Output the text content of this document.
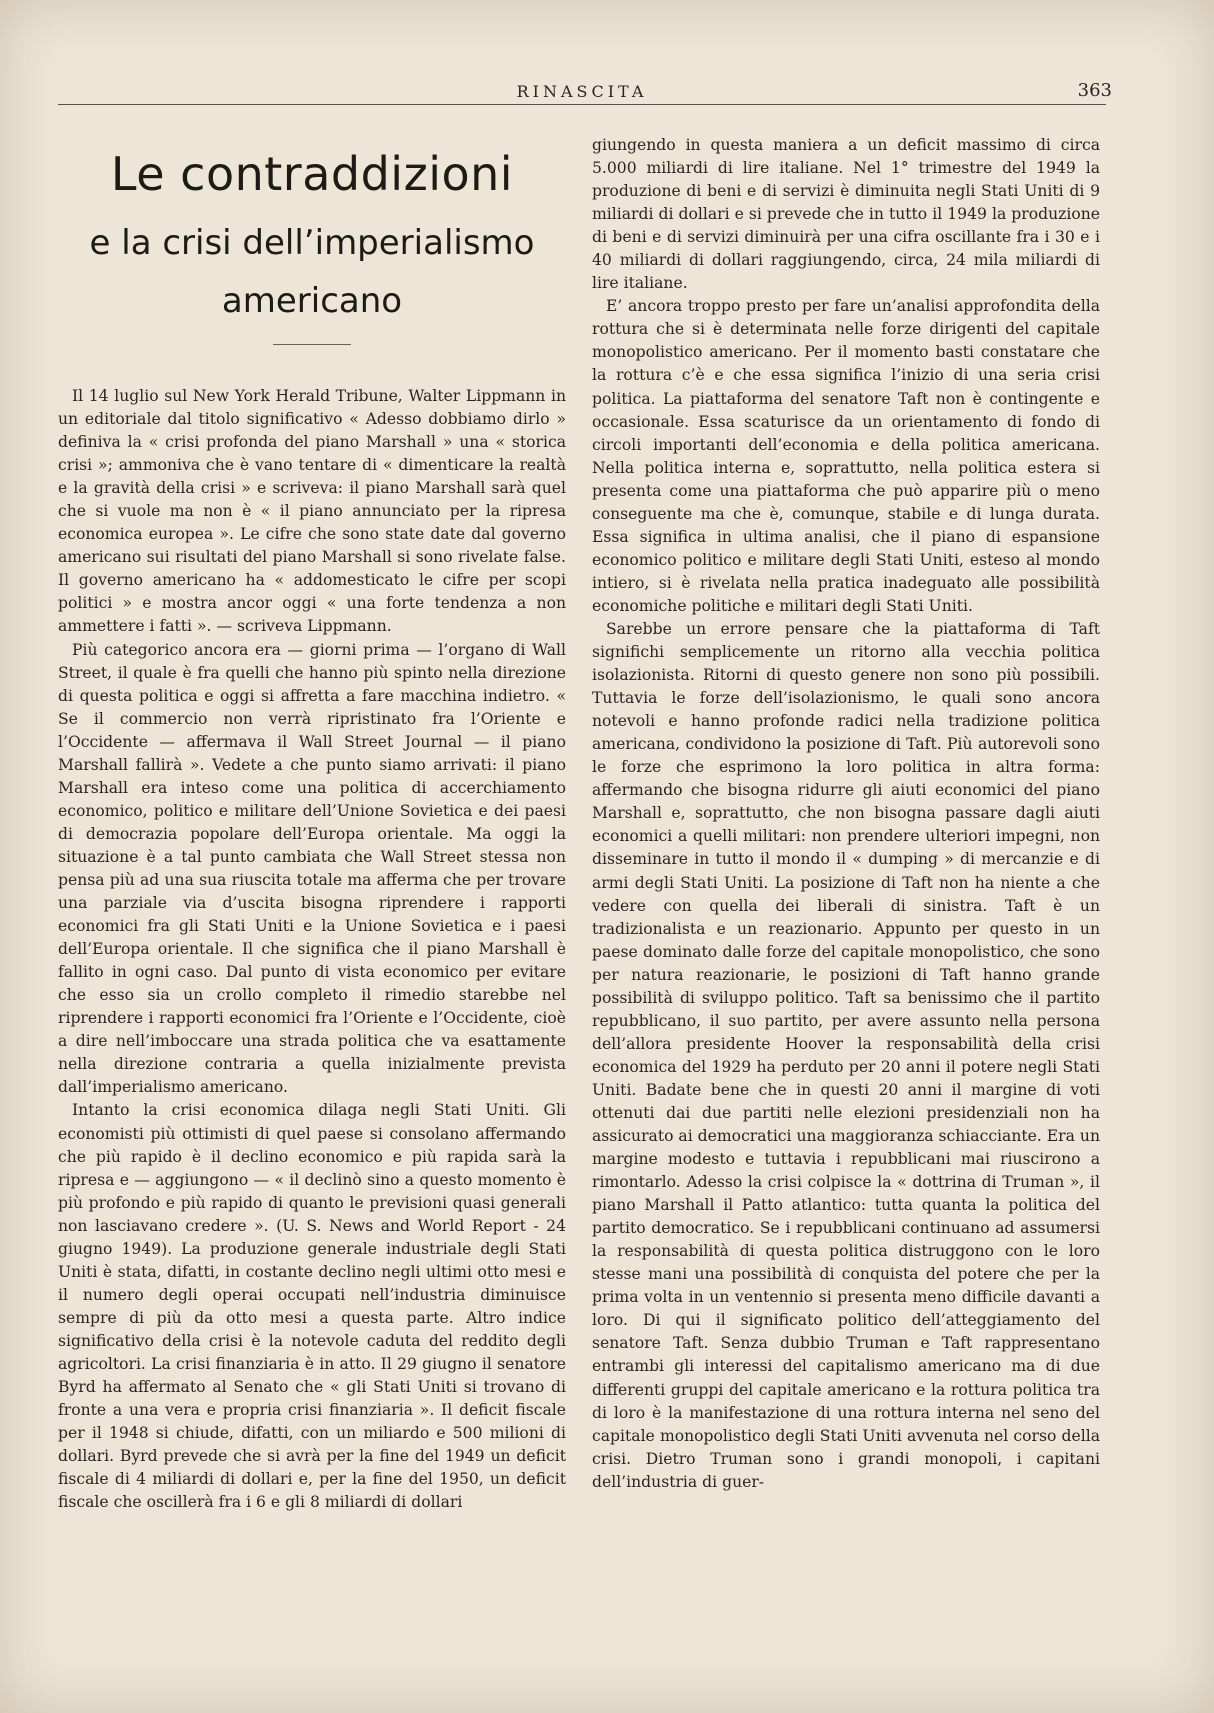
RINASCITA	363
Le contraddizioni
e la crisi dell’imperialismo
americano

Il 14 luglio sul New York Herald Tribune, Walter Lippmann in un editoriale dal titolo significativo « Adesso dobbiamo dirlo » definiva la « crisi profonda del piano Marshall » una « storica crisi »; ammoniva che è vano tentare di « dimenticare la realtà e la gravità della crisi » e scriveva: il piano Marshall sarà quel che si vuole ma non è « il piano annunciato per la ripresa economica europea ». Le cifre che sono state date dal governo americano sui risultati del piano Marshall si sono rivelate false. Il governo americano ha « addomesticato le cifre per scopi politici » e mostra ancor oggi « una forte tendenza a non ammettere i fatti ». — scriveva Lippmann.

Più categorico ancora era — giorni prima — l’organo di Wall Street, il quale è fra quelli che hanno più spinto nella direzione di questa politica e oggi si affretta a fare macchina indietro. « Se il commercio non verrà ripristinato fra l’Oriente e l’Occidente — affermava il Wall Street Journal — il piano Marshall fallirà ». Vedete a che punto siamo arrivati: il piano Marshall era inteso come una politica di accerchiamento economico, politico e militare dell’Unione Sovietica e dei paesi di democrazia popolare dell’Europa orientale. Ma oggi la situazione è a tal punto cambiata che Wall Street stessa non pensa più ad una sua riuscita totale ma afferma che per trovare una parziale via d’uscita bisogna riprendere i rapporti economici fra gli Stati Uniti e la Unione Sovietica e i paesi dell’Europa orientale. Il che significa che il piano Marshall è fallito in ogni caso. Dal punto di vista economico per evitare che esso sia un crollo completo il rimedio starebbe nel riprendere i rapporti economici fra l’Oriente e l’Occidente, cioè a dire nell’imboccare una strada politica che va esattamente nella direzione contraria a quella inizialmente prevista dall’imperialismo americano.

Intanto la crisi economica dilaga negli Stati Uniti. Gli economisti più ottimisti di quel paese si consolano affermando che più rapido è il declino economico e più rapida sarà la ripresa e — aggiungono — « il declinò sino a questo momento è più profondo e più rapido di quanto le previsioni quasi generali non lasciavano credere ». (U. S. News and World Report - 24 giugno 1949). La produzione generale industriale degli Stati Uniti è stata, difatti, in costante declino negli ultimi otto mesi e il numero degli operai occupati nell’industria diminuisce sempre di più da otto mesi a questa parte. Altro indice significativo della crisi è la notevole caduta del reddito degli agricoltori. La crisi finanziaria è in atto. Il 29 giugno il senatore Byrd ha affermato al Senato che « gli Stati Uniti si trovano di fronte a una vera e propria crisi finanziaria ». Il deficit fiscale per il 1948 si chiude, difatti, con un miliardo e 500 milioni di dollari. Byrd prevede che si avrà per la fine del 1949 un deficit fiscale di 4 miliardi di dollari e, per la fine del 1950, un deficit fiscale che oscillerà fra i 6 e gli 8 miliardi di dollari

giungendo in questa maniera a un deficit massimo di circa 5.000 miliardi di lire italiane. Nel 1° trimestre del 1949 la produzione di beni e di servizi è diminuita negli Stati Uniti di 9 miliardi di dollari e si prevede che in tutto il 1949 la produzione di beni e di servizi diminuirà per una cifra oscillante fra i 30 e i 40 miliardi di dollari raggiungendo, circa, 24 mila miliardi di lire italiane.

E’ ancora troppo presto per fare un’analisi approfondita della rottura che si è determinata nelle forze dirigenti del capitale monopolistico americano. Per il momento basti constatare che la rottura c’è e che essa significa l’inizio di una seria crisi politica. La piattaforma del senatore Taft non è contingente e occasionale. Essa scaturisce da un orientamento di fondo di circoli importanti dell’economia e della politica americana. Nella politica interna e, soprattutto, nella politica estera si presenta come una piattaforma che può apparire più o meno conseguente ma che è, comunque, stabile e di lunga durata. Essa significa in ultima analisi, che il piano di espansione economico politico e militare degli Stati Uniti, esteso al mondo intiero, si è rivelata nella pratica inadeguato alle possibilità economiche politiche e militari degli Stati Uniti.

Sarebbe un errore pensare che la piattaforma di Taft significhi semplicemente un ritorno alla vecchia politica isolazionista. Ritorni di questo genere non sono più possibili. Tuttavia le forze dell’isolazionismo, le quali sono ancora notevoli e hanno profonde radici nella tradizione politica americana, condividono la posizione di Taft. Più autorevoli sono le forze che esprimono la loro politica in altra forma: affermando che bisogna ridurre gli aiuti economici del piano Marshall e, soprattutto, che non bisogna passare dagli aiuti economici a quelli militari: non prendere ulteriori impegni, non disseminare in tutto il mondo il « dumping » di mercanzie e di armi degli Stati Uniti. La posizione di Taft non ha niente a che vedere con quella dei liberali di sinistra. Taft è un tradizionalista e un reazionario. Appunto per questo in un paese dominato dalle forze del capitale monopolistico, che sono per natura reazionarie, le posizioni di Taft hanno grande possibilità di sviluppo politico. Taft sa benissimo che il partito repubblicano, il suo partito, per avere assunto nella persona dell’allora presidente Hoover la responsabilità della crisi economica del 1929 ha perduto per 20 anni il potere negli Stati Uniti. Badate bene che in questi 20 anni il margine di voti ottenuti dai due partiti nelle elezioni presidenziali non ha assicurato ai democratici una maggioranza schiacciante. Era un margine modesto e tuttavia i repubblicani mai riuscirono a rimontarlo. Adesso la crisi colpisce la « dottrina di Truman », il piano Marshall il Patto atlantico: tutta quanta la politica del partito democratico. Se i repubblicani continuano ad assumersi la responsabilità di questa politica distruggono con le loro stesse mani una possibilità di conquista del potere che per la prima volta in un ventennio si presenta meno difficile davanti a loro. Di qui il significato politico dell’atteggiamento del senatore Taft. Senza dubbio Truman e Taft rappresentano entrambi gli interessi del capitalismo americano ma di due differenti gruppi del capitale americano e la rottura politica tra di loro è la manifestazione di una rottura interna nel seno del capitale monopolistico degli Stati Uniti avvenuta nel corso della crisi. Dietro Truman sono i grandi monopoli, i capitani dell’industria di guer-
